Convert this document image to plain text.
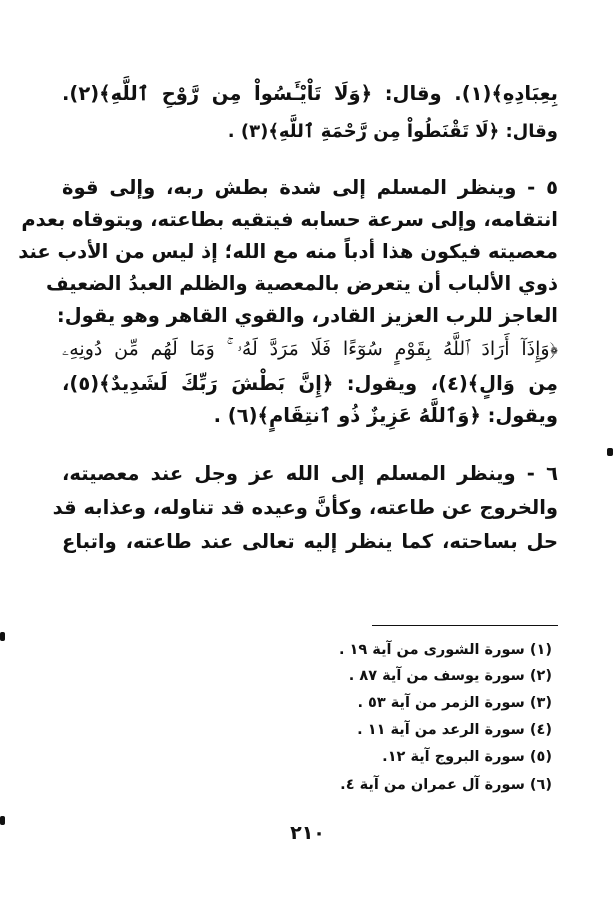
بِعِبَادِهِ﴾(١). وقال: ﴿وَلَا تَاْيْـَٔسُواْ مِن رَّوْحِ ٱللَّهِ﴾(٢).
وقال: ﴿لَا تَقْنَطُواْ مِن رَّحْمَةِ ٱللَّهِ﴾(٣) .
٥ - وينظر المسلم إلى شدة بطش ربه، وإلى قوة
انتقامه، وإلى سرعة حسابه فيتقيه بطاعته، ويتوقاه بعدم
معصيته فيكون هذا أدباً منه مع الله؛ إذ ليس من الأدب عند
ذوي الألباب أن يتعرض بالمعصية والظلم العبدُ الضعيف
العاجز للرب العزيز القادر، والقوي القاهر وهو يقول:
﴿وَإِذَآ أَرَادَ ٱللَّهُ بِقَوْمٍ سُوٓءًا فَلَا مَرَدَّ لَهُۥ ۚ وَمَا لَهُم مِّن دُونِهِۦ
مِن وَالٍ﴾(٤)، ويقول: ﴿إِنَّ بَطْشَ رَبِّكَ لَشَدِيدٌ﴾(٥)،
ويقول: ﴿وَٱللَّهُ عَزِيزٌ ذُو ٱنتِقَامٍ﴾(٦) .
٦ - وينظر المسلم إلى الله عز وجل عند معصيته،
والخروج عن طاعته، وكأنَّ وعيده قد تناوله، وعذابه قد
حل بساحته، كما ينظر إليه تعالى عند طاعته، واتباع
(١) سورة الشورى من آية ١٩ .
(٢) سورة يوسف من آية ٨٧ .
(٣) سورة الزمر من آية ٥٣ .
(٤) سورة الرعد من آية ١١ .
(٥) سورة البروج آية ١٢.
(٦) سورة آل عمران من آية ٤.
٢١٠
